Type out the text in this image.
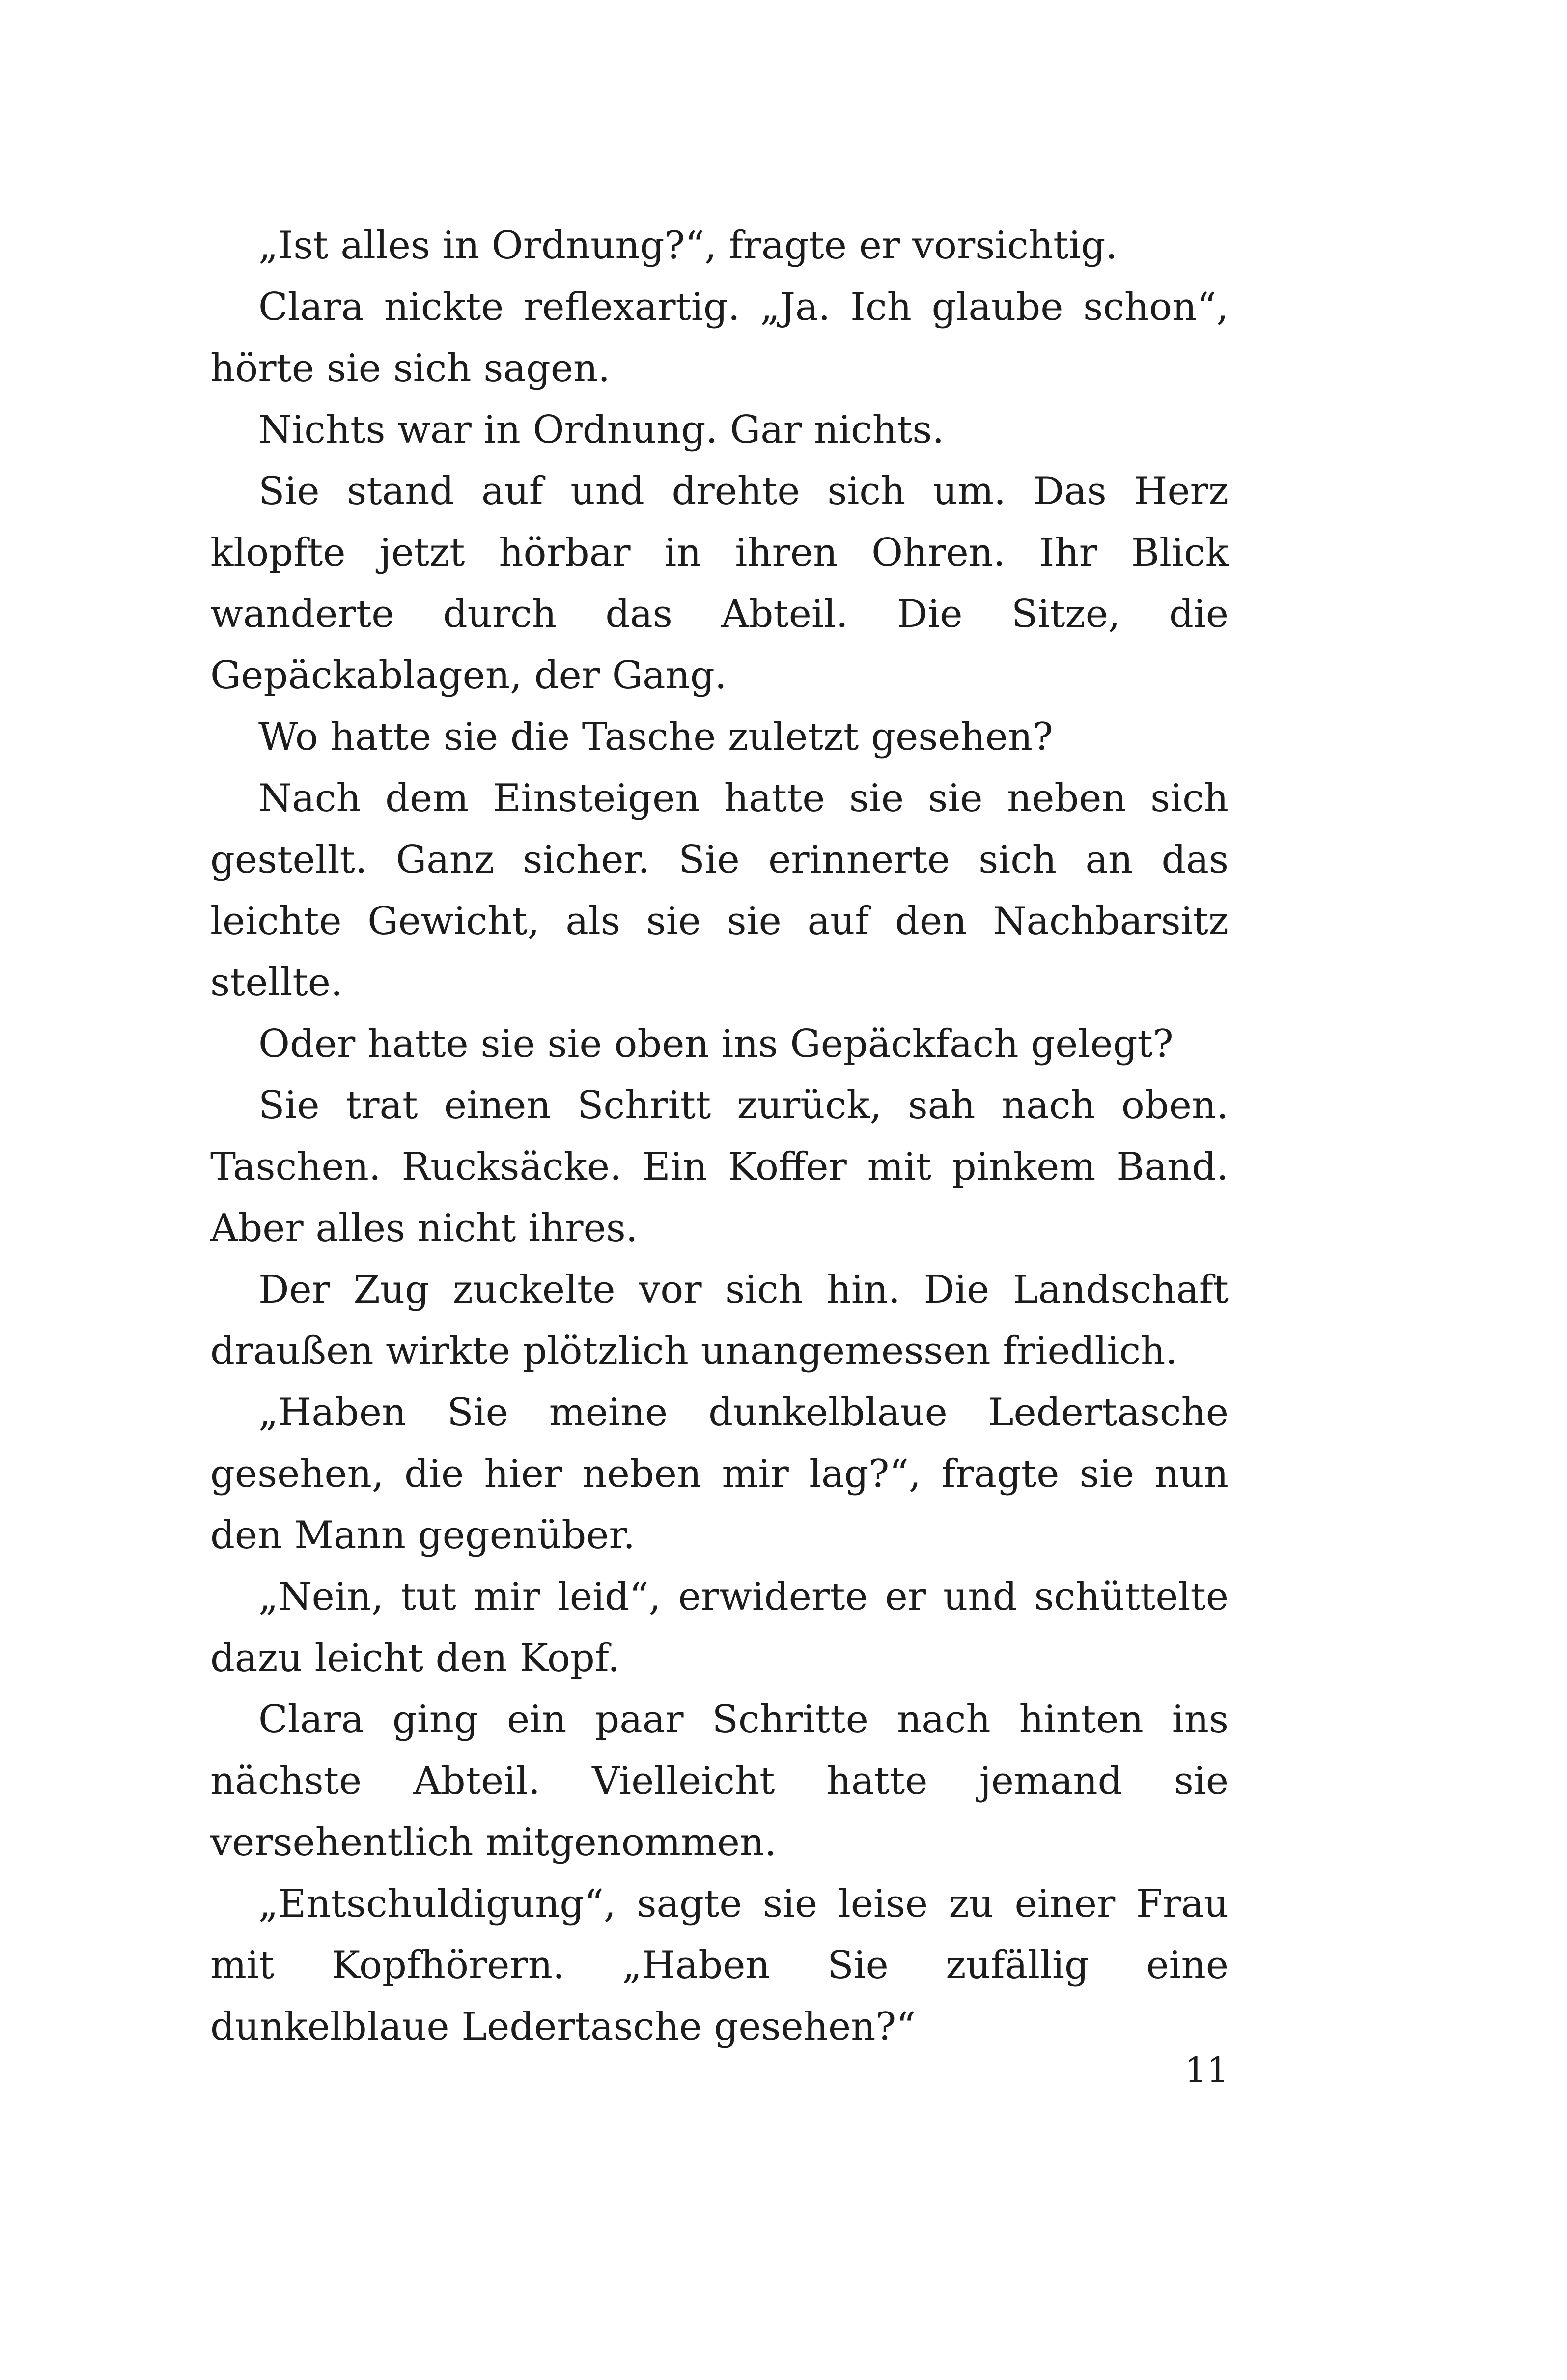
„Ist alles in Ordnung?“, fragte er vorsichtig.

Clara nickte reflexartig. „Ja. Ich glaube schon“, hörte sie sich sagen.

Nichts war in Ordnung. Gar nichts.

Sie stand auf und drehte sich um. Das Herz klopfte jetzt hörbar in ihren Ohren. Ihr Blick wanderte durch das Abteil. Die Sitze, die Gepäckablagen, der Gang.

Wo hatte sie die Tasche zuletzt gesehen?

Nach dem Einsteigen hatte sie sie neben sich gestellt. Ganz sicher. Sie erinnerte sich an das leichte Gewicht, als sie sie auf den Nachbarsitz stellte.

Oder hatte sie sie oben ins Gepäckfach gelegt?

Sie trat einen Schritt zurück, sah nach oben. Taschen. Rucksäcke. Ein Koffer mit pinkem Band. Aber alles nicht ihres.

Der Zug zuckelte vor sich hin. Die Landschaft draußen wirkte plötzlich unangemessen friedlich.

„Haben Sie meine dunkelblaue Ledertasche gesehen, die hier neben mir lag?“, fragte sie nun den Mann gegenüber.

„Nein, tut mir leid“, erwiderte er und schüttelte dazu leicht den Kopf.

Clara ging ein paar Schritte nach hinten ins nächste Abteil. Vielleicht hatte jemand sie versehentlich mitgenommen.

„Entschuldigung“, sagte sie leise zu einer Frau mit Kopfhörern. „Haben Sie zufällig eine dunkelblaue Ledertasche gesehen?“

11
